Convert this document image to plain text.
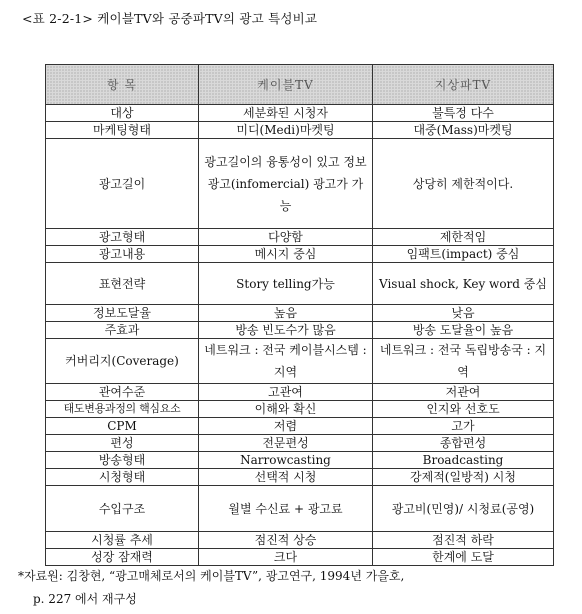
<표 2-2-1> 케이블TV와 공중파TV의 광고 특성비교
항 목	케이블TV	지상파TV
대상	세분화된 시청자	불특정 다수
마케팅형태	미디(Medi)마켓팅	대중(Mass)마켓팅
광고길이	광고길이의 융통성이 있고 정보광고(infomercial) 광고가 가능	상당히 제한적이다.
광고형태	다양함	제한적임
광고내용	메시지 중심	임팩트(impact) 중심
표현전략	Story telling가능	Visual shock, Key word 중심
정보도달율	높음	낮음
주효과	방송 빈도수가 많음	방송 도달율이 높음
커버리지(Coverage)	네트워크 : 전국 케이블시스템 : 지역	네트워크 : 전국 독립방송국 : 지역
관여수준	고관여	저관여
태도변용과정의 핵심요소	이해와 확신	인지와 선호도
CPM	저렴	고가
편성	전문편성	종합편성
방송형태	Narrowcasting	Broadcasting
시청형태	선택적 시청	강제적(일방적) 시청
수입구조	월별 수신료 + 광고료	광고비(민영)/ 시청료(공영)
시청률 추세	점진적 상승	점진적 하락
성장 잠재력	크다	한계에 도달
*자료원: 김창현, “광고매체로서의 케이블TV”, 광고연구, 1994년 가을호,
p. 227 에서 재구성
